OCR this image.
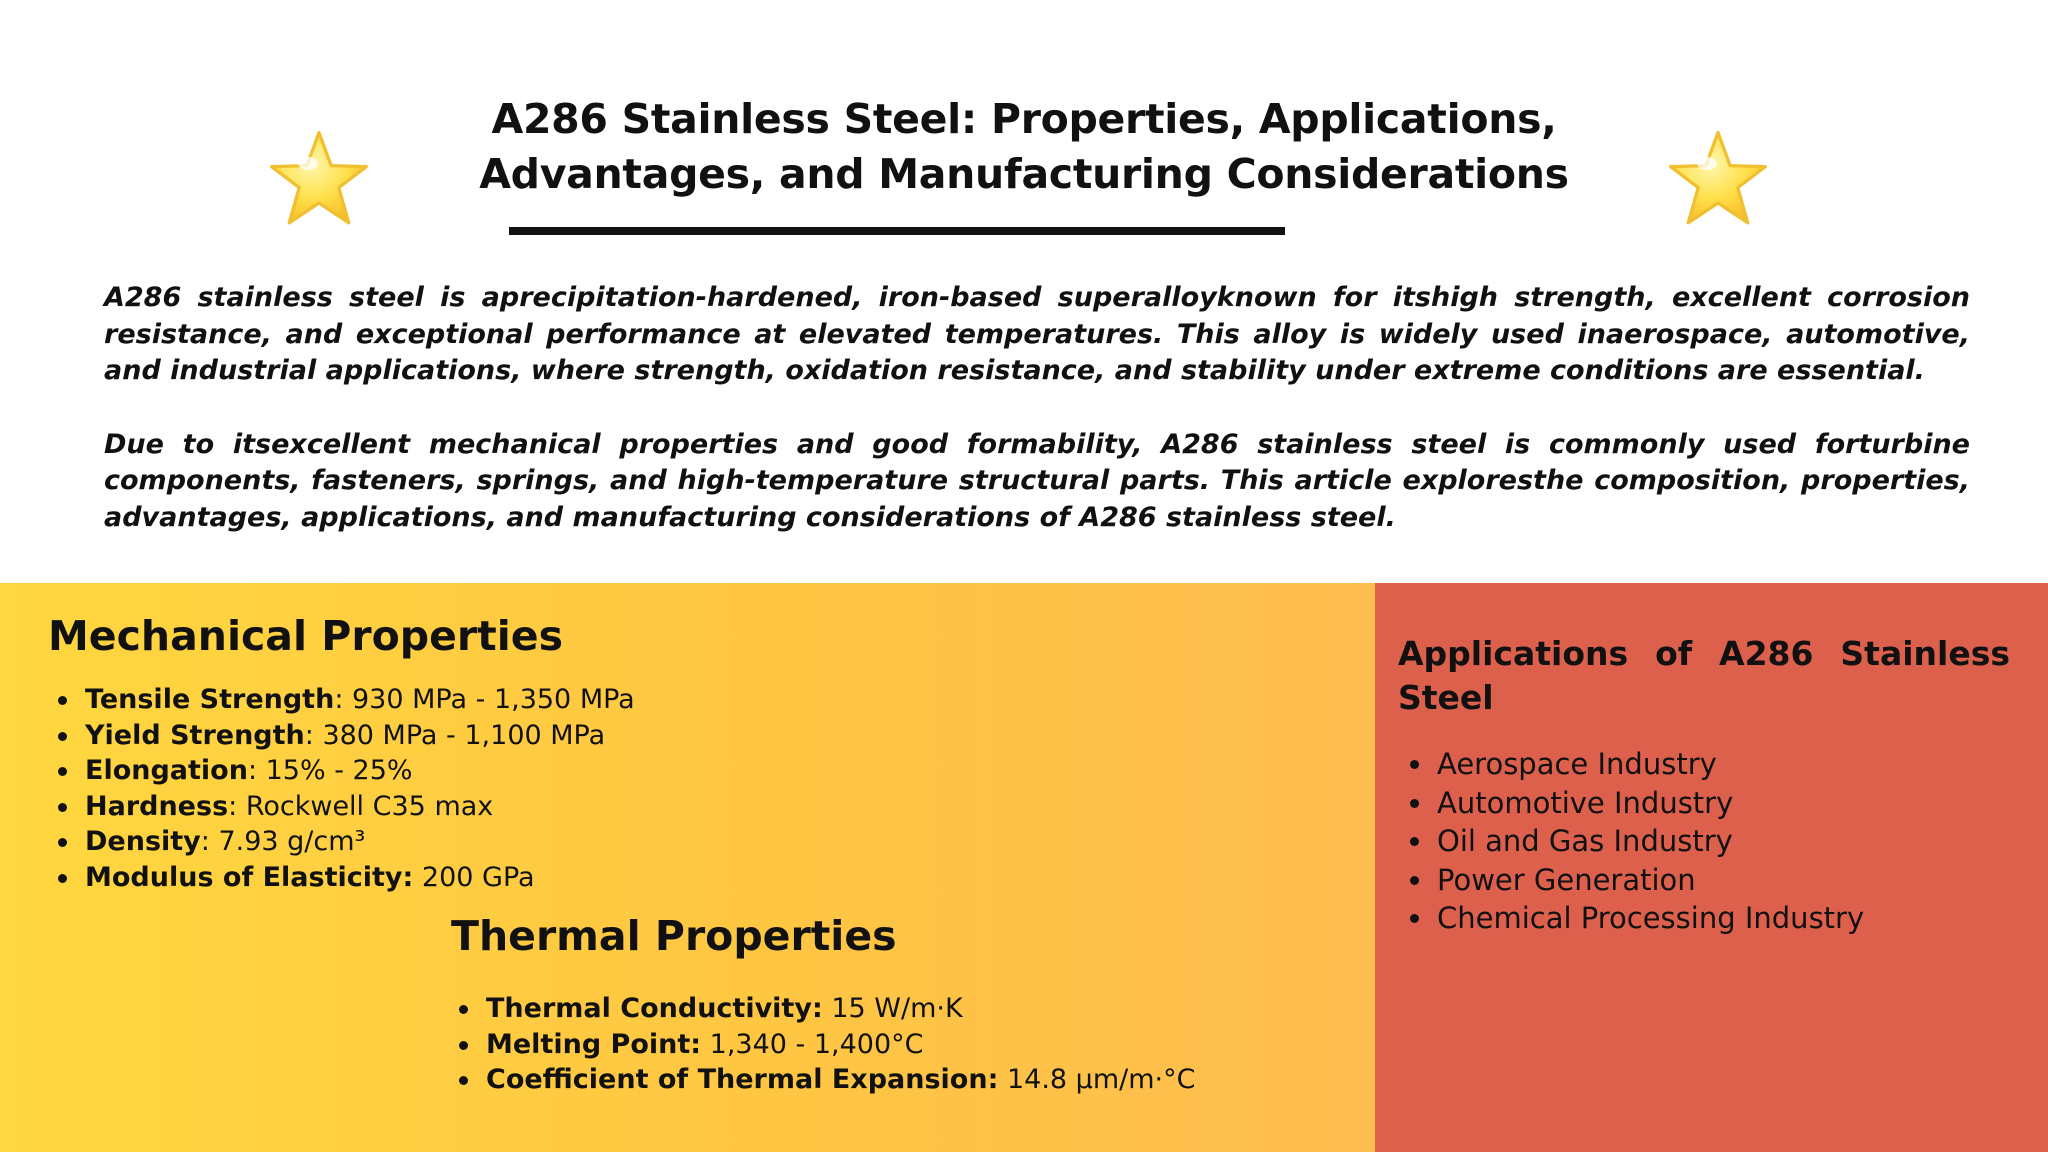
A286 Stainless Steel: Properties, Applications,
Advantages, and Manufacturing Considerations

A286 stainless steel is aprecipitation-hardened, iron-based superalloyknown for itshigh strength, excellent corrosion resistance, and exceptional performance at elevated temperatures. This alloy is widely used inaerospace, automotive, and industrial applications, where strength, oxidation resistance, and stability under extreme conditions are essential.

Due to itsexcellent mechanical properties and good formability, A286 stainless steel is commonly used forturbine components, fasteners, springs, and high-temperature structural parts. This article exploresthe composition, properties, advantages, applications, and manufacturing considerations of A286 stainless steel.

Mechanical Properties
Tensile Strength: 930 MPa - 1,350 MPa
Yield Strength: 380 MPa - 1,100 MPa
Elongation: 15% - 25%
Hardness: Rockwell C35 max
Density: 7.93 g/cm³
Modulus of Elasticity: 200 GPa
Thermal Properties
Thermal Conductivity: 15 W/m·K
Melting Point: 1,340 - 1,400°C
Coefficient of Thermal Expansion: 14.8 μm/m·°C
Applications of A286 Stainless Steel
Aerospace Industry
Automotive Industry
Oil and Gas Industry
Power Generation
Chemical Processing Industry
